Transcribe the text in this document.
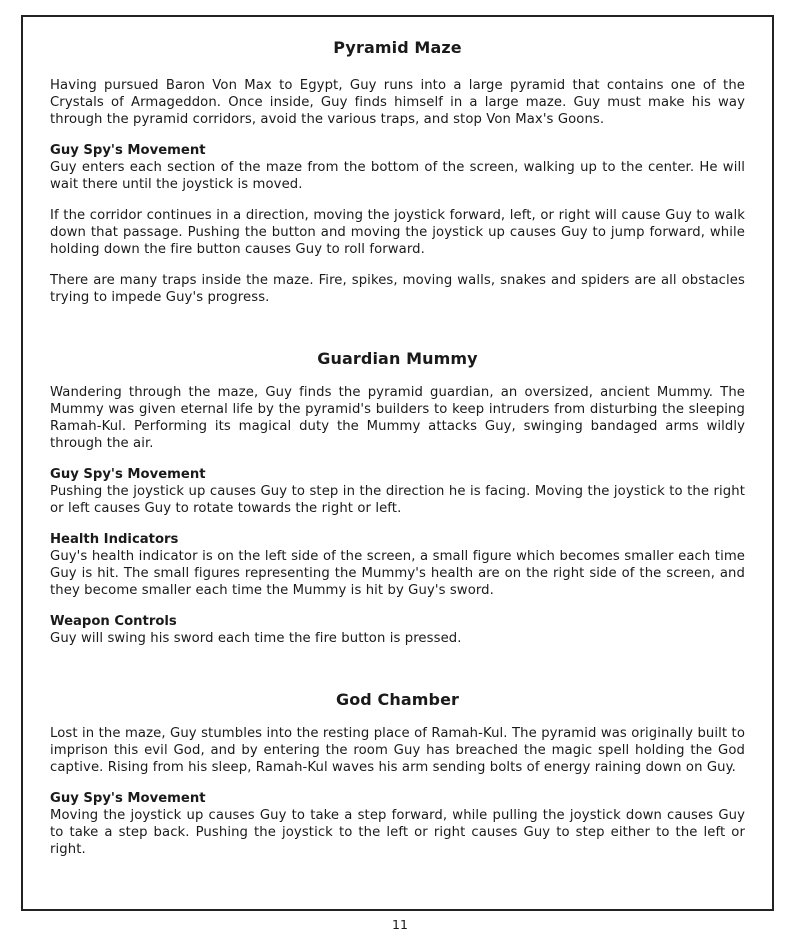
Pyramid Maze

Having pursued Baron Von Max to Egypt, Guy runs into a large pyramid that contains one of the Crystals of Armageddon. Once inside, Guy finds himself in a large maze. Guy must make his way through the pyramid corridors, avoid the various traps, and stop Von Max's Goons.

Guy Spy's Movement

Guy enters each section of the maze from the bottom of the screen, walking up to the center. He will wait there until the joystick is moved.

If the corridor continues in a direction, moving the joystick forward, left, or right will cause Guy to walk down that passage. Pushing the button and moving the joystick up causes Guy to jump forward, while holding down the fire button causes Guy to roll forward.

There are many traps inside the maze. Fire, spikes, moving walls, snakes and spiders are all obstacles trying to impede Guy's progress.

Guardian Mummy

Wandering through the maze, Guy finds the pyramid guardian, an oversized, ancient Mummy. The Mummy was given eternal life by the pyramid's builders to keep intruders from disturbing the sleeping Ramah-Kul. Performing its magical duty the Mummy attacks Guy, swinging bandaged arms wildly through the air.

Guy Spy's Movement

Pushing the joystick up causes Guy to step in the direction he is facing. Moving the joystick to the right or left causes Guy to rotate towards the right or left.

Health Indicators

Guy's health indicator is on the left side of the screen, a small figure which becomes smaller each time Guy is hit. The small figures representing the Mummy's health are on the right side of the screen, and they become smaller each time the Mummy is hit by Guy's sword.

Weapon Controls

Guy will swing his sword each time the fire button is pressed.

God Chamber

Lost in the maze, Guy stumbles into the resting place of Ramah-Kul. The pyramid was originally built to imprison this evil God, and by entering the room Guy has breached the magic spell holding the God captive. Rising from his sleep, Ramah-Kul waves his arm sending bolts of energy raining down on Guy.

Guy Spy's Movement

Moving the joystick up causes Guy to take a step forward, while pulling the joystick down causes Guy to take a step back. Pushing the joystick to the left or right causes Guy to step either to the left or right.

11
